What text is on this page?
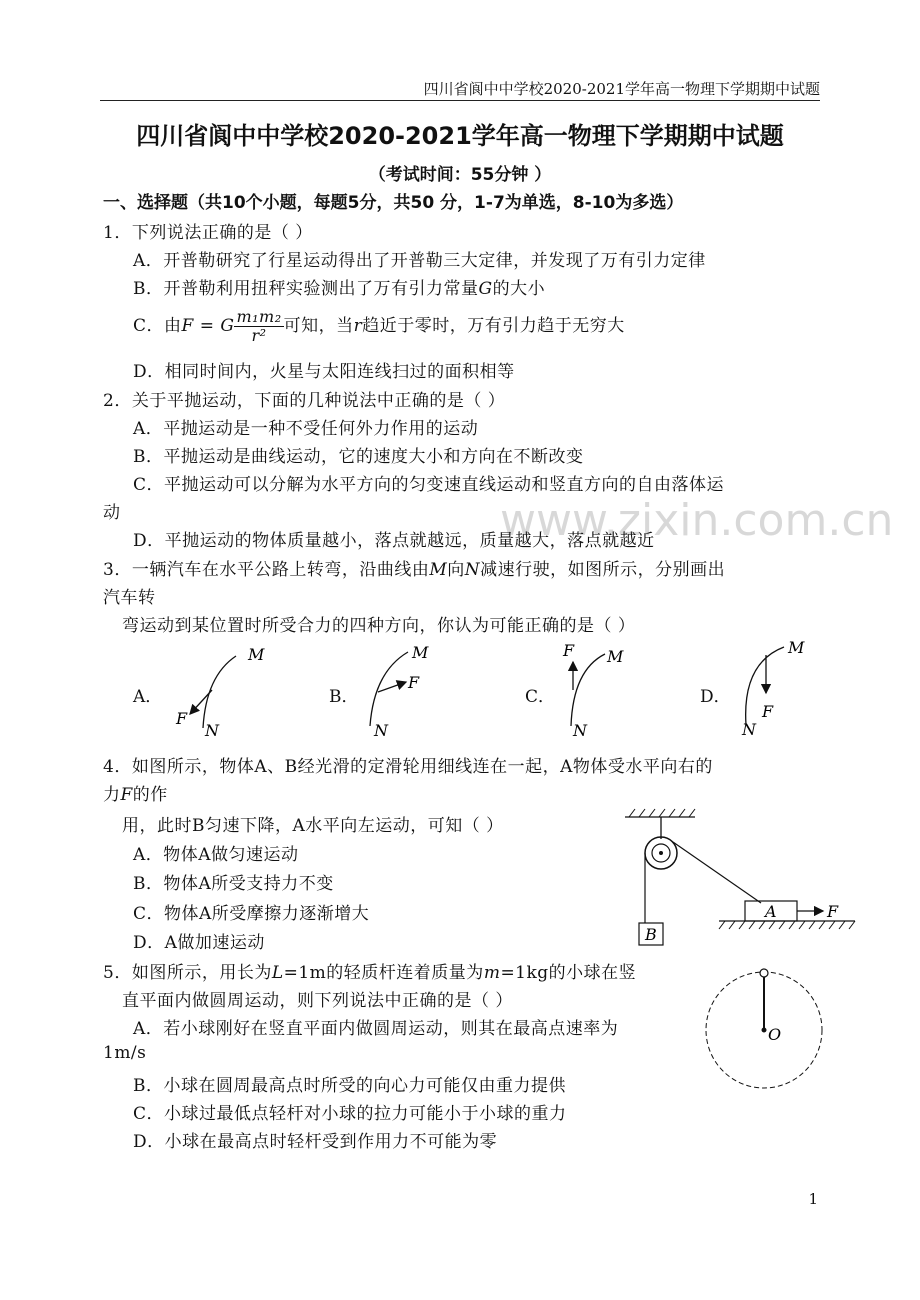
四川省阆中中学校2020-2021学年高一物理下学期期中试题
四川省阆中中学校2020-2021学年高一物理下学期期中试题
（考试时间：55分钟 ）
一、选择题（共10个小题，每题5分，共50 分，1-7为单选，8-10为多选）
www.zixin.com.cn
1．下列说法正确的是（ ）
A．开普勒研究了行星运动得出了开普勒三大定律，并发现了万有引力定律
B．开普勒利用扭秤实验测出了万有引力常量G的大小
C．由F = G $\frac{\text{m₁m₂}}{\text{r²}}$可知，当r趋近于零时，万有引力趋于无穷大
D．相同时间内，火星与太阳连线扫过的面积相等
2．关于平抛运动，下面的几种说法中正确的是（ ）
A．平抛运动是一种不受任何外力作用的运动
B．平抛运动是曲线运动，它的速度大小和方向在不断改变
C．平抛运动可以分解为水平方向的匀变速直线运动和竖直方向的自由落体运
动
D．平抛运动的物体质量越小，落点就越远，质量越大，落点就越近
3．一辆汽车在水平公路上转弯，沿曲线由M向N减速行驶，如图所示，分别画出
汽车转
弯运动到某位置时所受合力的四种方向，你认为可能正确的是（ ）
A．	B．	C．	D．
M
N
F
M
N
F
M
N
F	M
N
F
4．如图所示，物体A、B经光滑的定滑轮用细线连在一起，A物体受水平向右的
力F的作
用，此时B匀速下降，A水平向左运动，可知（ ）
A．物体A做匀速运动
B．物体A所受支持力不变
C．物体A所受摩擦力逐渐增大
D．A做加速运动	B
A	F
5．如图所示，用长为L=1m的轻质杆连着质量为m=1kg的小球在竖
直平面内做圆周运动，则下列说法中正确的是（ ）
A．若小球刚好在竖直平面内做圆周运动，则其在最高点速率为
1m/s
B．小球在圆周最高点时所受的向心力可能仅由重力提供
C．小球过最低点轻杆对小球的拉力可能小于小球的重力
D．小球在最高点时轻杆受到作用力不可能为零
O
1
